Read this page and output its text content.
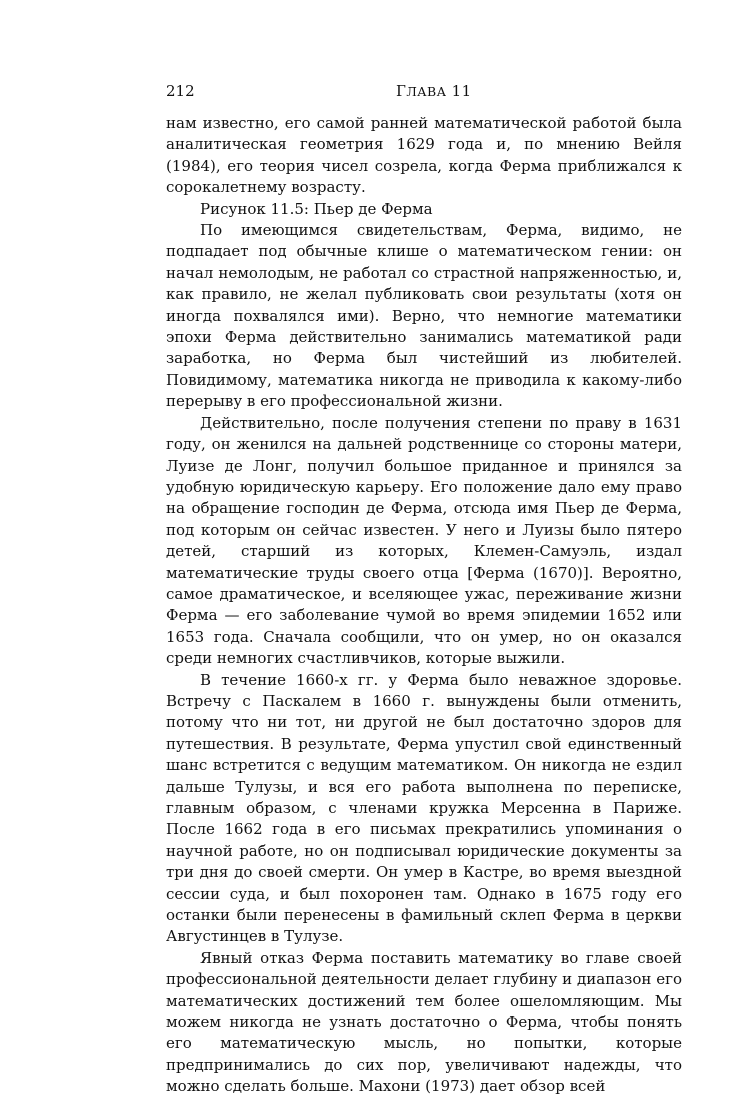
212	ГЛАВА 11

нам известно, его самой ранней математической работой была аналитическая геометрия 1629 года и, по мнению Вейля (1984), его теория чисел созрела, когда Ферма приближался к сорокалетнему возрасту.

Рисунок 11.5: Пьер де Ферма

По имеющимся свидетельствам, Ферма, видимо, не подпадает под обычные клише о математическом гении: он начал немолодым, не работал со страстной напряженностью, и, как правило, не желал публиковать свои результаты (хотя он иногда похвалялся ими). Верно, что немногие математики эпохи Ферма действительно занимались математикой ради заработка, но Ферма был чистейший из любителей. Повидимому, математика никогда не приводила к какому-либо перерыву в его профессиональной жизни.

Действительно, после получения степени по праву в 1631 году, он женился на дальней родственнице со стороны матери, Луизе де Лонг, получил большое приданное и принялся за удобную юридическую карьеру. Его положение дало ему право на обращение господин де Ферма, отсюда имя Пьер де Ферма, под которым он сейчас известен. У него и Луизы было пятеро детей, старший из которых, Клемен-Самуэль, издал математические труды своего отца [Ферма (1670)]. Вероятно, самое драматическое, и вселяющее ужас, переживание жизни Ферма — его заболевание чумой во время эпидемии 1652 или 1653 года. Сначала сообщили, что он умер, но он оказался среди немногих счастливчиков, которые выжили.

В течение 1660-х гг. у Ферма было неважное здоровье. Встречу с Паскалем в 1660 г. вынуждены были отменить, потому что ни тот, ни другой не был достаточно здоров для путешествия. В результате, Ферма упустил свой единственный шанс встретится с ведущим математиком. Он никогда не ездил дальше Тулузы, и вся его работа выполнена по переписке, главным образом, с членами кружка Мерсенна в Париже. После 1662 года в его письмах прекратились упоминания о научной работе, но он подписывал юридические документы за три дня до своей смерти. Он умер в Кастре, во время выездной сессии суда, и был похоронен там. Однако в 1675 году его останки были перенесены в фамильный склеп Ферма в церкви Августинцев в Тулузе.

Явный отказ Ферма поставить математику во главе своей профессиональной деятельности делает глубину и диапазон его математических достижений тем более ошеломляющим. Мы можем никогда не узнать достаточно о Ферма, чтобы понять его математическую мысль, но попытки, которые предпринимались до сих пор, увеличивают надежды, что можно сделать больше. Махони (1973) дает обзор всей
